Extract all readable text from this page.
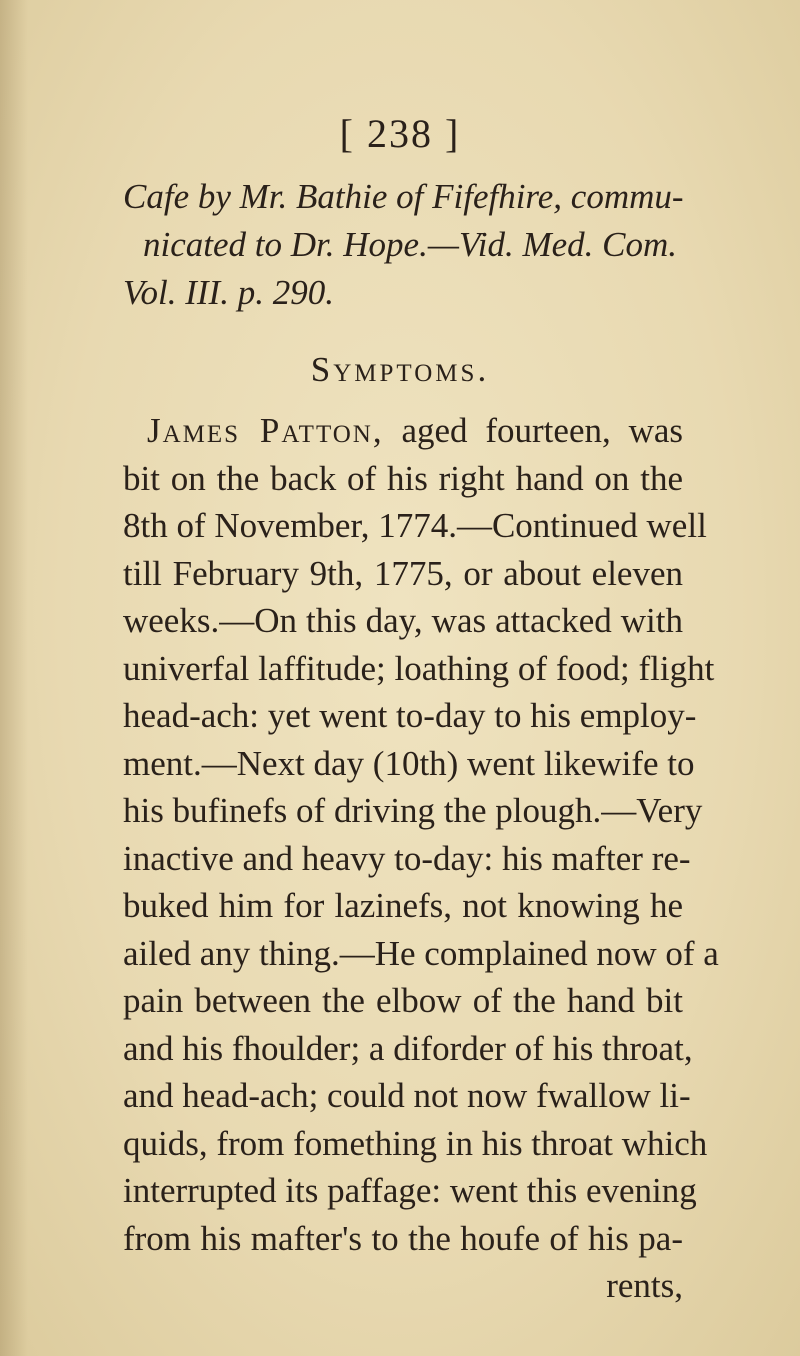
[ 238 ]
Cafe by Mr. Bathie of Fifefhire, commu-
nicated to Dr. Hope.—Vid. Med. Com.
Vol. III. p. 290.
Symptoms.
James Patton, aged fourteen, was
bit on the back of his right hand on the
8th of November, 1774.—Continued well
till February 9th, 1775, or about eleven
weeks.—On this day, was attacked with
univerfal laffitude; loathing of food; flight
head-ach: yet went to-day to his employ-
ment.—Next day (10th) went likewife to
his bufinefs of driving the plough.—Very
inactive and heavy to-day: his mafter re-
buked him for lazinefs, not knowing he
ailed any thing.—He complained now of a
pain between the elbow of the hand bit
and his fhoulder; a diforder of his throat,
and head-ach; could not now fwallow li-
quids, from fomething in his throat which
interrupted its paffage: went this evening
from his mafter's to the houfe of his pa-
rents,
